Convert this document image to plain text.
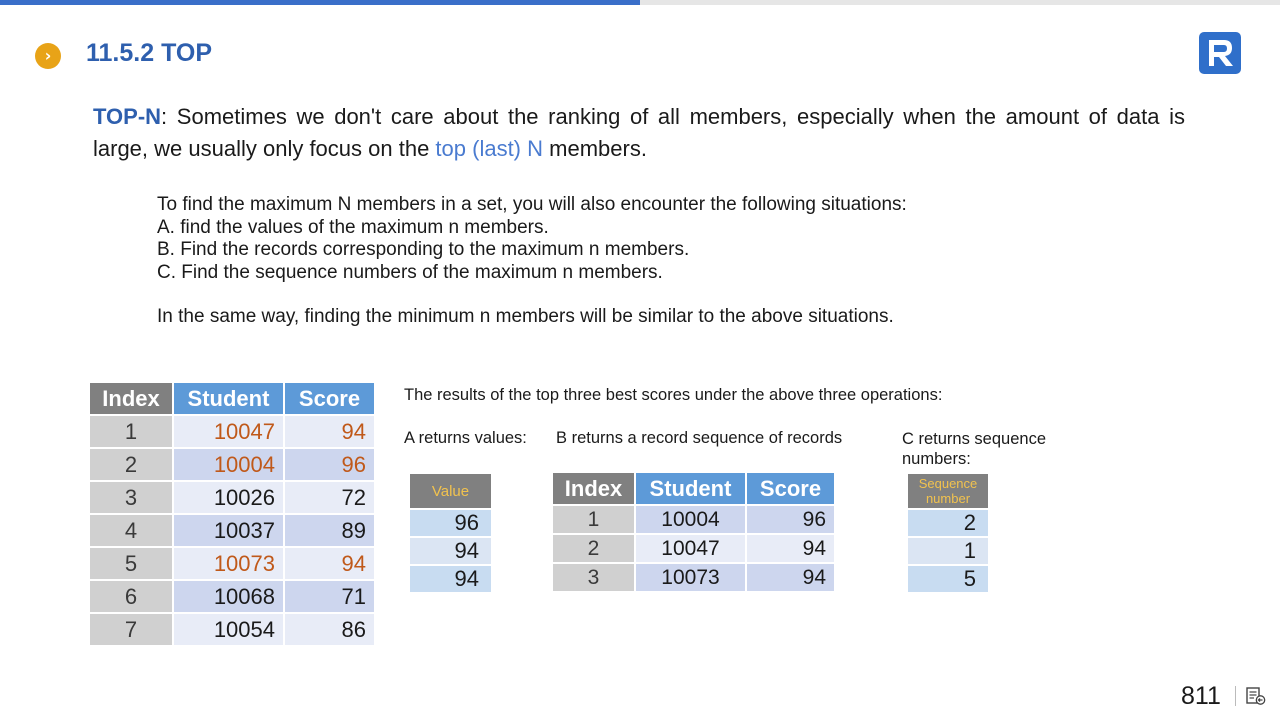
›	11.5.2 TOP
TOP-N: Sometimes we don't care about the ranking of all members, especially when the amount of data is large, we usually only focus on the top (last) N members.
To find the maximum N members in a set, you will also encounter the following situations:
A. find the values of the maximum n members.
B. Find the records corresponding to the maximum n members.
C. Find the sequence numbers of the maximum n members.
In the same way, finding the minimum n members will be similar to the above situations.
Index	Student	Score
1	10047	94
2	10004	96
3	10026	72
4	10037	89
5	10073	94
6	10068	71
7	10054	86
The results of the top three best scores under the above three operations:
A returns values: B returns a record sequence of records	C returns sequence numbers:
Value
96
94
94
Index	Student	Score
1	10004	96
2	10047	94
3	10073	94
Sequence number
2
1
5
811
